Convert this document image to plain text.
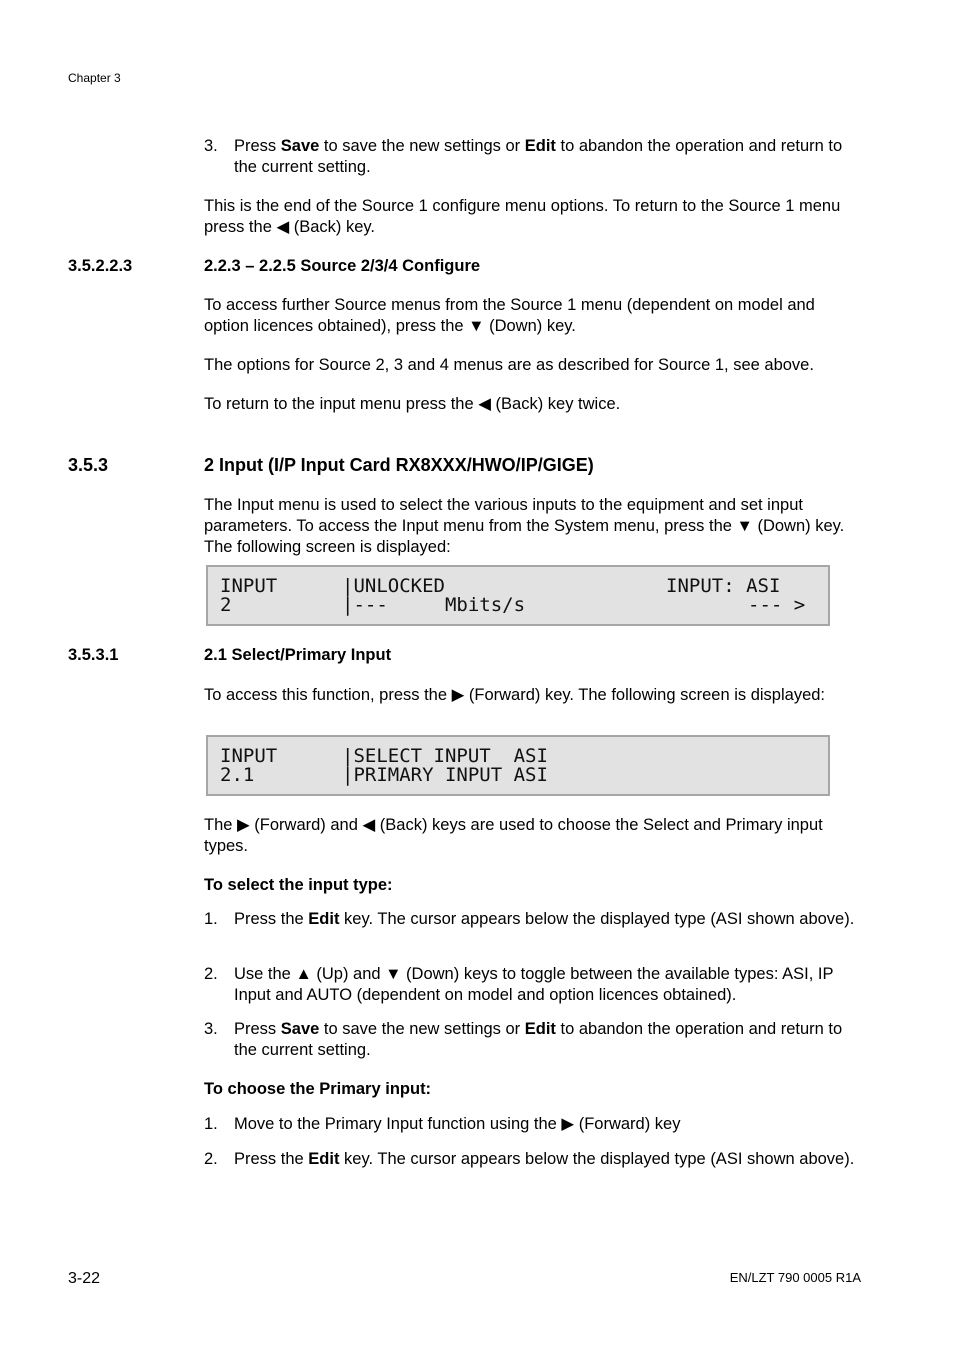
Chapter 3
3. Press Save to save the new settings or Edit to abandon the operation and return to the current setting.
This is the end of the Source 1 configure menu options. To return to the Source 1 menu press the ◀ (Back) key.
3.5.2.2.3	2.2.3 – 2.2.5 Source 2/3/4 Configure
To access further Source menus from the Source 1 menu (dependent on model and option licences obtained), press the ▼ (Down) key.
The options for Source 2, 3 and 4 menus are as described for Source 1, see above.
To return to the input menu press the ◀ (Back) key twice.
3.5.3	2 Input (I/P Input Card RX8XXX/HWO/IP/GIGE)
The Input menu is used to select the various inputs to the equipment and set input parameters. To access the Input menu from the System menu, press the ▼ (Down) key. The following screen is displayed:
INPUT	|UNLOCKED	INPUT: ASI
2	|---     Mbits/s	--- >
3.5.3.1	2.1 Select/Primary Input
To access this function, press the ▶ (Forward) key. The following screen is displayed:
INPUT	|SELECT INPUT  ASI
2.1	|PRIMARY INPUT ASI
The ▶ (Forward) and ◀ (Back) keys are used to choose the Select and Primary input types.
To select the input type:
1. Press the Edit key. The cursor appears below the displayed type (ASI shown above).
2. Use the ▲ (Up) and ▼ (Down) keys to toggle between the available types: ASI, IP Input and AUTO (dependent on model and option licences obtained).
3. Press Save to save the new settings or Edit to abandon the operation and return to the current setting.
To choose the Primary input:
1. Move to the Primary Input function using the ▶ (Forward) key
2. Press the Edit key. The cursor appears below the displayed type (ASI shown above).
3-22	EN/LZT 790 0005 R1A
